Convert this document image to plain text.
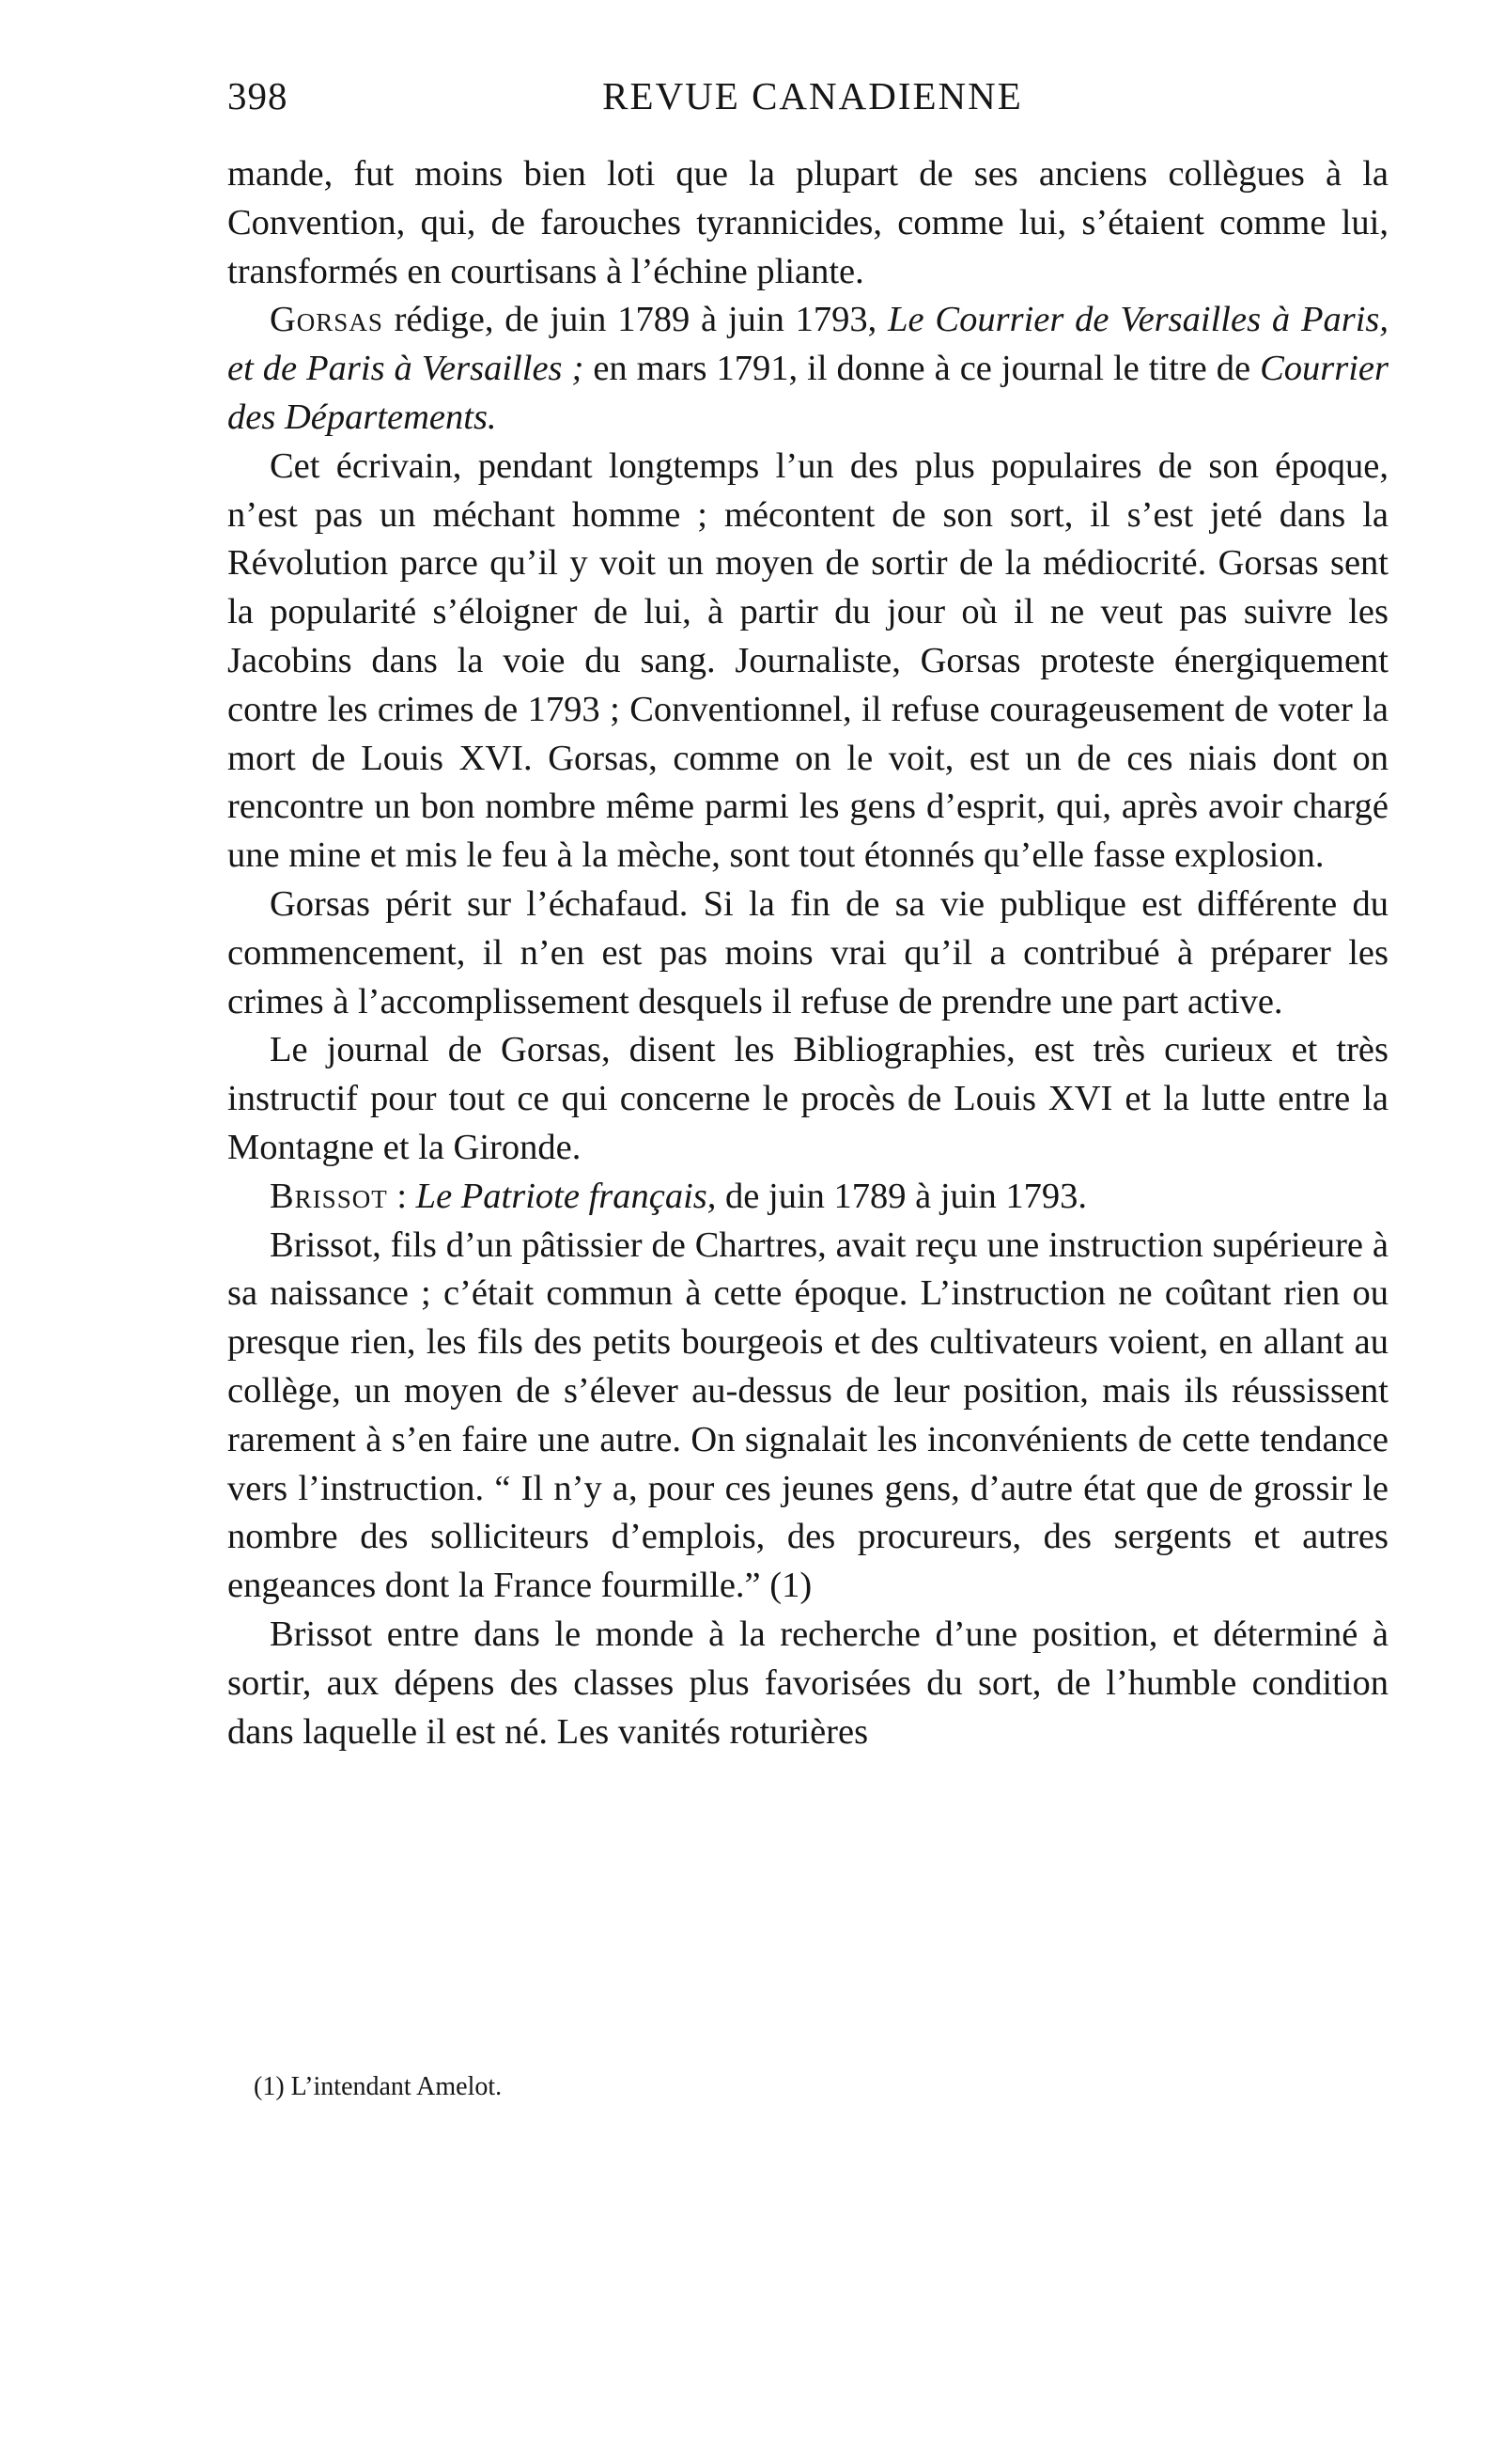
398	REVUE CANADIENNE

mande, fut moins bien loti que la plupart de ses anciens collègues à la Convention, qui, de farouches tyrannicides, comme lui, s’étaient comme lui, transformés en courtisans à l’échine pliante.

Gorsas rédige, de juin 1789 à juin 1793, Le Courrier de Versailles à Paris, et de Paris à Versailles ; en mars 1791, il donne à ce journal le titre de Courrier des Départements.

Cet écrivain, pendant longtemps l’un des plus populaires de son époque, n’est pas un méchant homme ; mécontent de son sort, il s’est jeté dans la Révolution parce qu’il y voit un moyen de sortir de la médiocrité. Gorsas sent la popularité s’éloigner de lui, à partir du jour où il ne veut pas suivre les Jacobins dans la voie du sang. Journaliste, Gorsas proteste énergiquement contre les crimes de 1793 ; Conventionnel, il refuse courageusement de voter la mort de Louis XVI. Gorsas, comme on le voit, est un de ces niais dont on rencontre un bon nombre même parmi les gens d’esprit, qui, après avoir chargé une mine et mis le feu à la mèche, sont tout étonnés qu’elle fasse explosion.

Gorsas périt sur l’échafaud. Si la fin de sa vie publique est différente du commencement, il n’en est pas moins vrai qu’il a contribué à préparer les crimes à l’accomplissement desquels il refuse de prendre une part active.

Le journal de Gorsas, disent les Bibliographies, est très curieux et très instructif pour tout ce qui concerne le procès de Louis XVI et la lutte entre la Montagne et la Gironde.

Brissot : Le Patriote français, de juin 1789 à juin 1793.

Brissot, fils d’un pâtissier de Chartres, avait reçu une instruction supérieure à sa naissance ; c’était commun à cette époque. L’instruction ne coûtant rien ou presque rien, les fils des petits bourgeois et des cultivateurs voient, en allant au collège, un moyen de s’élever au-dessus de leur position, mais ils réussissent rarement à s’en faire une autre. On signalait les inconvénients de cette tendance vers l’instruction. “ Il n’y a, pour ces jeunes gens, d’autre état que de grossir le nombre des solliciteurs d’emplois, des procureurs, des sergents et autres engeances dont la France fourmille.” (1)

Brissot entre dans le monde à la recherche d’une position, et déterminé à sortir, aux dépens des classes plus favorisées du sort, de l’humble condition dans laquelle il est né. Les vanités roturières

(1) L’intendant Amelot.
